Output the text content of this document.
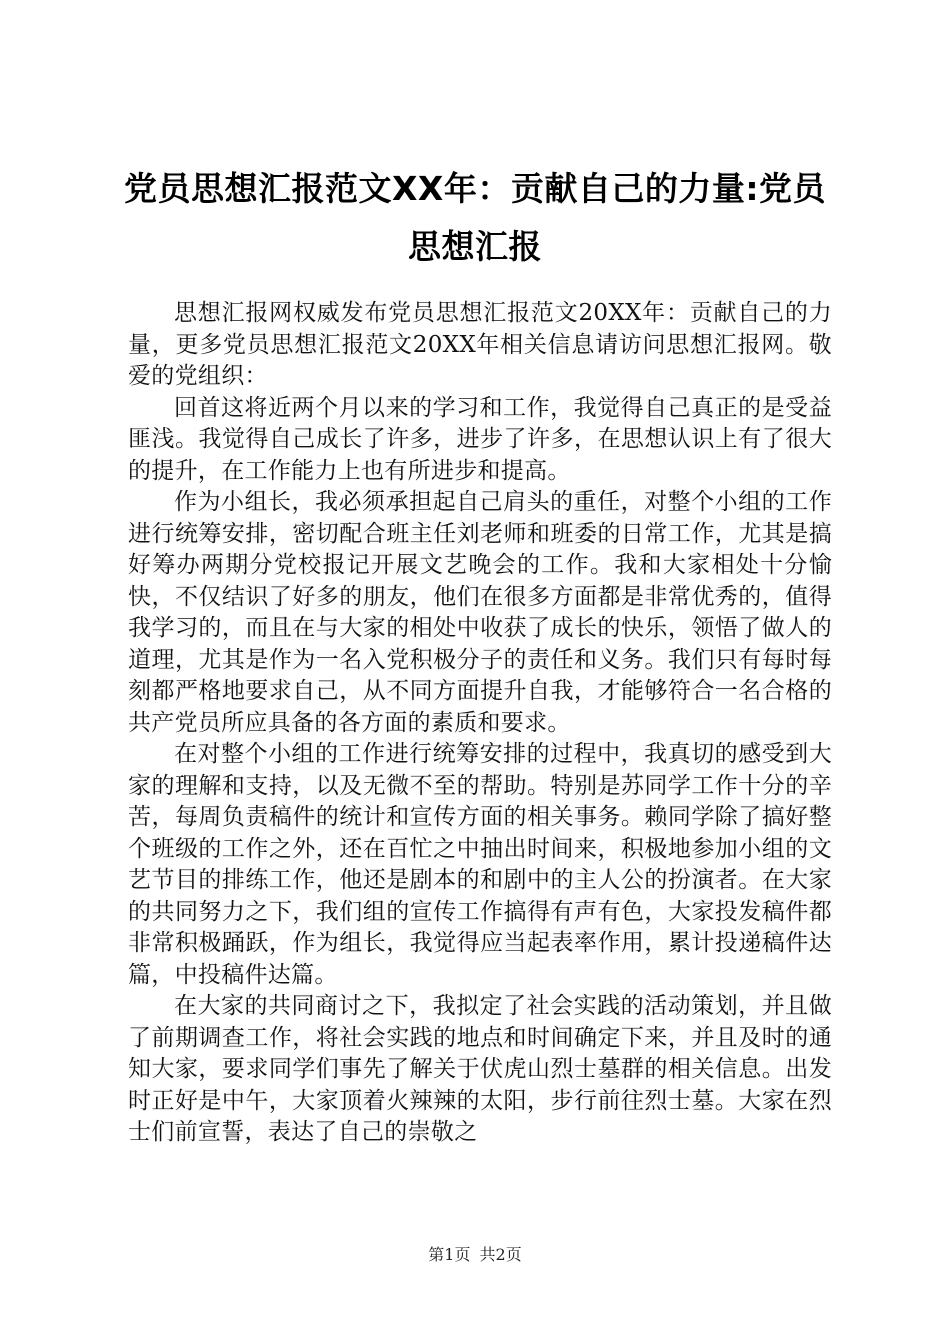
党员思想汇报范文XX年：贡献自己的力量:党员思想汇报

思想汇报网权威发布党员思想汇报范文20XX年：贡献自己的力量，更多党员思想汇报范文20XX年相关信息请访问思想汇报网。敬爱的党组织：

回首这将近两个月以来的学习和工作，我觉得自己真正的是受益匪浅。我觉得自己成长了许多，进步了许多，在思想认识上有了很大的提升，在工作能力上也有所进步和提高。

作为小组长，我必须承担起自己肩头的重任，对整个小组的工作进行统筹安排，密切配合班主任刘老师和班委的日常工作，尤其是搞好筹办两期分党校报记开展文艺晚会的工作。我和大家相处十分愉快，不仅结识了好多的朋友，他们在很多方面都是非常优秀的，值得我学习的，而且在与大家的相处中收获了成长的快乐，领悟了做人的道理，尤其是作为一名入党积极分子的责任和义务。我们只有每时每刻都严格地要求自己，从不同方面提升自我，才能够符合一名合格的共产党员所应具备的各方面的素质和要求。

在对整个小组的工作进行统筹安排的过程中，我真切的感受到大家的理解和支持，以及无微不至的帮助。特别是苏同学工作十分的辛苦，每周负责稿件的统计和宣传方面的相关事务。赖同学除了搞好整个班级的工作之外，还在百忙之中抽出时间来，积极地参加小组的文艺节目的排练工作，他还是剧本的和剧中的主人公的扮演者。在大家的共同努力之下，我们组的宣传工作搞得有声有色，大家投发稿件都非常积极踊跃，作为组长，我觉得应当起表率作用，累计投递稿件达篇，中投稿件达篇。

在大家的共同商讨之下，我拟定了社会实践的活动策划，并且做了前期调查工作，将社会实践的地点和时间确定下来，并且及时的通知大家，要求同学们事先了解关于伏虎山烈士墓群的相关信息。出发时正好是中午，大家顶着火辣辣的太阳，步行前往烈士墓。大家在烈士们前宣誓，表达了自己的崇敬之

第1页 共2页
